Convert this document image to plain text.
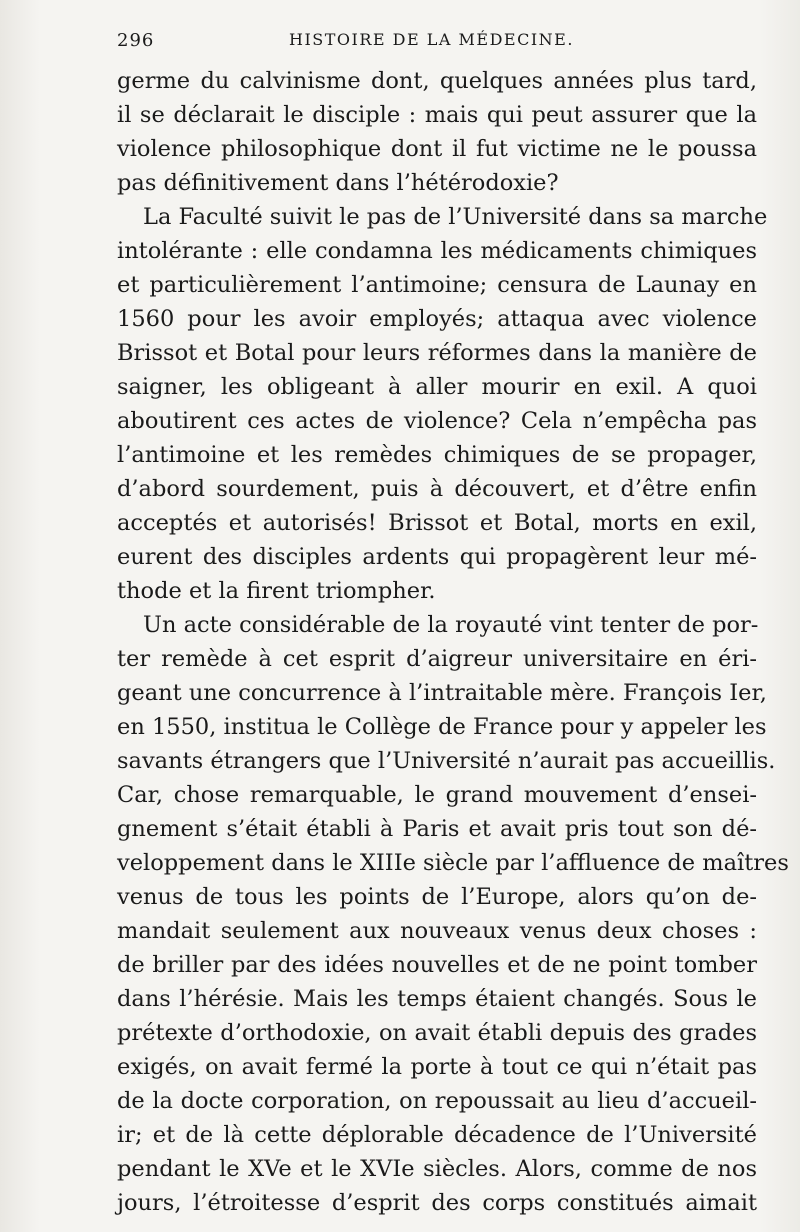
296	HISTOIRE DE LA MÉDECINE.
germe du calvinisme dont, quelques années plus tard,
il se déclarait le disciple : mais qui peut assurer que la
violence philosophique dont il fut victime ne le poussa
pas définitivement dans l’hétérodoxie?
La Faculté suivit le pas de l’Université dans sa marche
intolérante : elle condamna les médicaments chimiques
et particulièrement l’antimoine; censura de Launay en
1560 pour les avoir employés; attaqua avec violence
Brissot et Botal pour leurs réformes dans la manière de
saigner, les obligeant à aller mourir en exil. A quoi
aboutirent ces actes de violence? Cela n’empêcha pas
l’antimoine et les remèdes chimiques de se propager,
d’abord sourdement, puis à découvert, et d’être enfin
acceptés et autorisés! Brissot et Botal, morts en exil,
eurent des disciples ardents qui propagèrent leur mé-
thode et la firent triompher.
Un acte considérable de la royauté vint tenter de por-
ter remède à cet esprit d’aigreur universitaire en éri-
geant une concurrence à l’intraitable mère. François Ier,
en 1550, institua le Collège de France pour y appeler les
savants étrangers que l’Université n’aurait pas accueillis.
Car, chose remarquable, le grand mouvement d’ensei-
gnement s’était établi à Paris et avait pris tout son dé-
veloppement dans le XIIIe siècle par l’affluence de maîtres
venus de tous les points de l’Europe, alors qu’on de-
mandait seulement aux nouveaux venus deux choses :
de briller par des idées nouvelles et de ne point tomber
dans l’hérésie. Mais les temps étaient changés. Sous le
prétexte d’orthodoxie, on avait établi depuis des grades
exigés, on avait fermé la porte à tout ce qui n’était pas
de la docte corporation, on repoussait au lieu d’accueil-
ir; et de là cette déplorable décadence de l’Université
pendant le XVe et le XVIe siècles. Alors, comme de nos
jours, l’étroitesse d’esprit des corps constitués aimait
